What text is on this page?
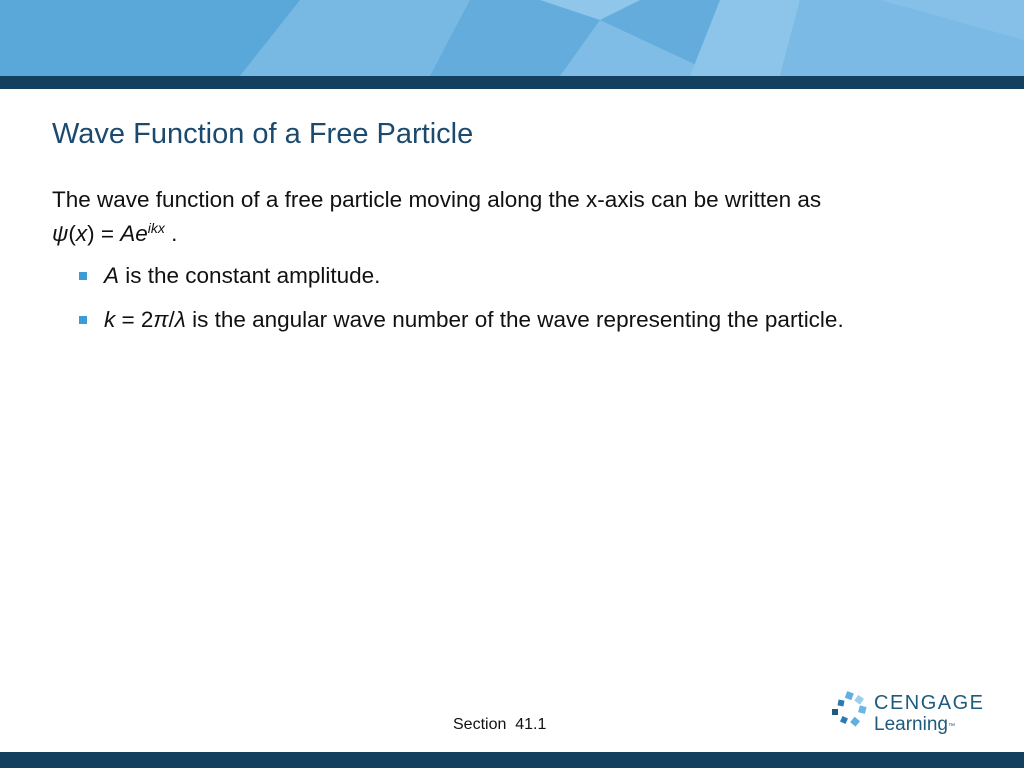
Wave Function of a Free Particle

The wave function of a free particle moving along the x-axis can be written as
$\psi(x) = Ae^{ikx}$ .

A is the constant amplitude.
k = 2π/λ is the angular wave number of the wave representing the particle.
Section  41.1
CENGAGE
Learning™
